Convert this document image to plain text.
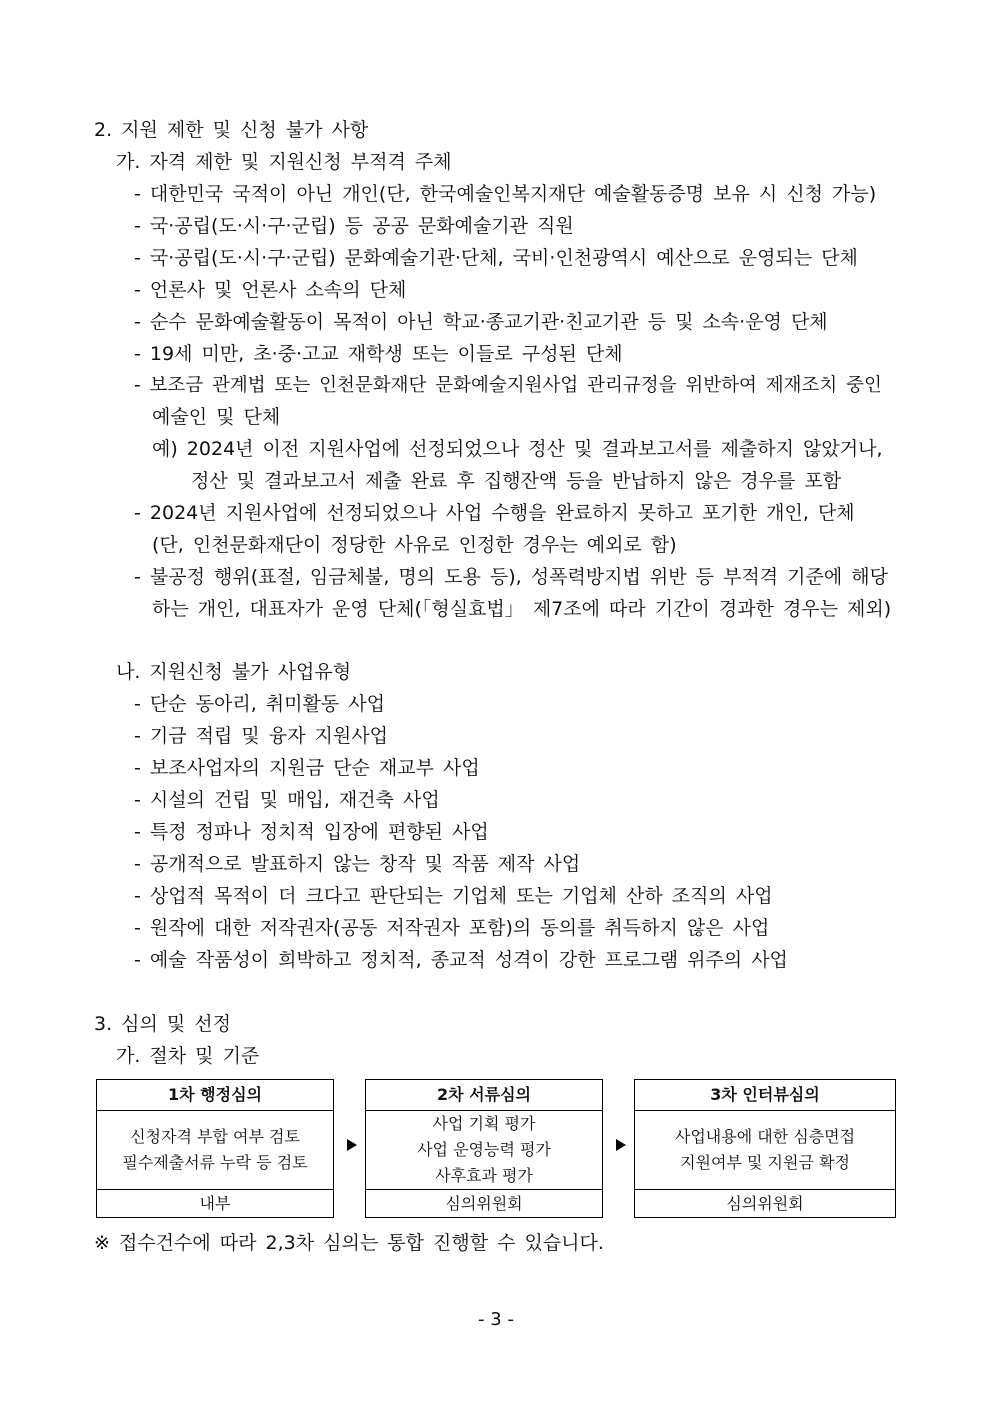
2. 지원 제한 및 신청 불가 사항
가. 자격 제한 및 지원신청 부적격 주체
- 대한민국 국적이 아닌 개인(단, 한국예술인복지재단 예술활동증명 보유 시 신청 가능)
- 국·공립(도·시·구·군립) 등 공공 문화예술기관 직원
- 국·공립(도·시·구·군립) 문화예술기관·단체, 국비·인천광역시 예산으로 운영되는 단체
- 언론사 및 언론사 소속의 단체
- 순수 문화예술활동이 목적이 아닌 학교·종교기관·친교기관 등 및 소속·운영 단체
- 19세 미만, 초·중·고교 재학생 또는 이들로 구성된 단체
- 보조금 관계법 또는 인천문화재단 문화예술지원사업 관리규정을 위반하여 제재조치 중인
예술인 및 단체
예) 2024년 이전 지원사업에 선정되었으나 정산 및 결과보고서를 제출하지 않았거나,
정산 및 결과보고서 제출 완료 후 집행잔액 등을 반납하지 않은 경우를 포함
- 2024년 지원사업에 선정되었으나 사업 수행을 완료하지 못하고 포기한 개인, 단체
(단, 인천문화재단이 정당한 사유로 인정한 경우는 예외로 함)
- 불공정 행위(표절, 임금체불, 명의 도용 등), 성폭력방지법 위반 등 부적격 기준에 해당
하는 개인, 대표자가 운영 단체(「형실효법」 제7조에 따라 기간이 경과한 경우는 제외)
나. 지원신청 불가 사업유형
- 단순 동아리, 취미활동 사업
- 기금 적립 및 융자 지원사업
- 보조사업자의 지원금 단순 재교부 사업
- 시설의 건립 및 매입, 재건축 사업
- 특정 정파나 정치적 입장에 편향된 사업
- 공개적으로 발표하지 않는 창작 및 작품 제작 사업
- 상업적 목적이 더 크다고 판단되는 기업체 또는 기업체 산하 조직의 사업
- 원작에 대한 저작권자(공동 저작권자 포함)의 동의를 취득하지 않은 사업
- 예술 작품성이 희박하고 정치적, 종교적 성격이 강한 프로그램 위주의 사업
3. 심의 및 선정
가. 절차 및 기준
1차 행정심의
신청자격 부합 여부 검토
필수제출서류 누락 등 검토
내부
2차 서류심의
사업 기획 평가
사업 운영능력 평가
사후효과 평가
심의위원회
3차 인터뷰심의
사업내용에 대한 심층면접
지원여부 및 지원금 확정
심의위원회
※ 접수건수에 따라 2,3차 심의는 통합 진행할 수 있습니다.
- 3 -
